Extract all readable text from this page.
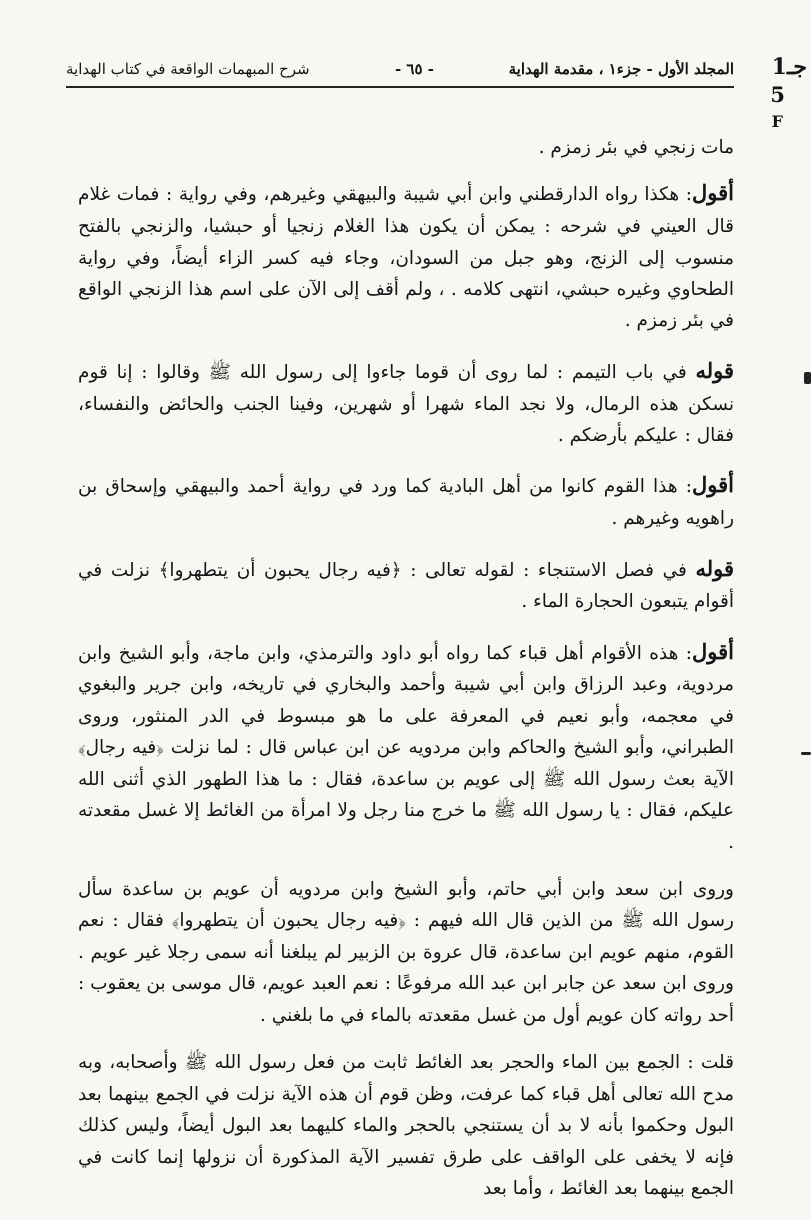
المجلد الأول - جزء١ ، مقدمة الهداية
- ٦٥ -
شرح المبهمات الواقعة في كتاب الهداية	جـ1
5
F

مات زنجي في بئر زمزم .

أقول: هكذا رواه الدارقطني وابن أبي شيبة والبيهقي وغيرهم، وفي رواية : فمات غلام قال العيني في شرحه : يمكن أن يكون هذا الغلام زنجيا أو حبشيا، والزنجي بالفتح منسوب إلى الزنج، وهو جبل من السودان، وجاء فيه كسر الزاء أيضاً، وفي رواية الطحاوي وغيره حبشي، انتهى كلامه . ، ولم أقف إلى الآن على اسم هذا الزنجي الواقع في بئر زمزم .

قوله في باب التيمم : لما روى أن قوما جاءوا إلى رسول الله ﷺ وقالوا : إنا قوم نسكن هذه الرمال، ولا نجد الماء شهرا أو شهرين، وفينا الجنب والحائض والنفساء، فقال : عليكم بأرضكم .

أقول: هذا القوم كانوا من أهل البادية كما ورد في رواية أحمد والبيهقي وإسحاق بن راهويه وغيرهم .

قوله في فصل الاستنجاء : لقوله تعالى : ﴿فيه رجال يحبون أن يتطهروا﴾ نزلت في أقوام يتبعون الحجارة الماء .

أقول: هذه الأقوام أهل قباء كما رواه أبو داود والترمذي، وابن ماجة، وأبو الشيخ وابن مردوية، وعبد الرزاق وابن أبي شيبة وأحمد والبخاري في تاريخه، وابن جرير والبغوي في معجمه، وأبو نعيم في المعرفة على ما هو مبسوط في الدر المنثور، وروى الطبراني، وأبو الشيخ والحاكم وابن مردويه عن ابن عباس قال : لما نزلت ﴿فيه رجال﴾ الآية بعث رسول الله ﷺ إلى عويم بن ساعدة، فقال : ما هذا الطهور الذي أثنى الله عليكم، فقال : يا رسول الله ﷺ ما خرج منا رجل ولا امرأة من الغائط إلا غسل مقعدته .

وروى ابن سعد وابن أبي حاتم، وأبو الشيخ وابن مردويه أن عويم بن ساعدة سأل رسول الله ﷺ من الذين قال الله فيهم : ﴿فيه رجال يحبون أن يتطهروا﴾ فقال : نعم القوم، منهم عويم ابن ساعدة، قال عروة بن الزبير لم يبلغنا أنه سمى رجلا غير عويم . وروى ابن سعد عن جابر ابن عبد الله مرفوعًا : نعم العبد عويم، قال موسى بن يعقوب : أحد رواته كان عويم أول من غسل مقعدته بالماء في ما بلغني .

قلت : الجمع بين الماء والحجر بعد الغائط ثابت من فعل رسول الله ﷺ وأصحابه، وبه مدح الله تعالى أهل قباء كما عرفت، وظن قوم أن هذه الآية نزلت في الجمع بينهما بعد البول وحكموا بأنه لا بد أن يستنجي بالحجر والماء كليهما بعد البول أيضاً، وليس كذلك فإنه لا يخفى على الواقف على طرق تفسير الآية المذكورة أن نزولها إنما كانت في الجمع بينهما بعد الغائط ، وأما بعد
